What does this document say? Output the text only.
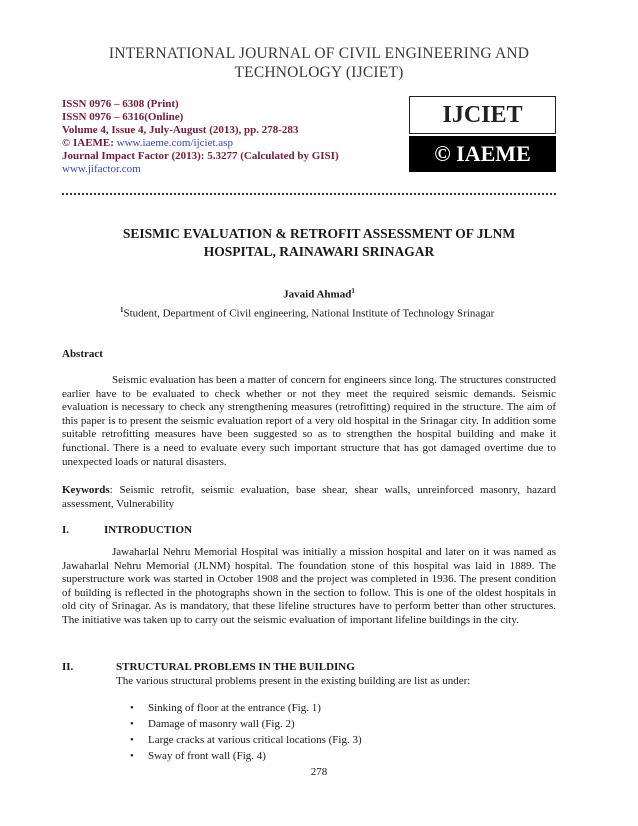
INTERNATIONAL JOURNAL OF CIVIL ENGINEERING AND
TECHNOLOGY (IJCIET)
ISSN 0976 – 6308 (Print)
ISSN 0976 – 6316(Online)
Volume 4, Issue 4, July-August (2013), pp. 278-283
© IAEME: www.iaeme.com/ijciet.asp
Journal Impact Factor (2013): 5.3277 (Calculated by GISI)
www.jifactor.com
IJCIET
© IAEME
SEISMIC EVALUATION & RETROFIT ASSESSMENT OF JLNM
HOSPITAL, RAINAWARI SRINAGAR
Javaid Ahmad$^1$
$^1$Student, Department of Civil engineering, National Institute of Technology Srinagar
Abstract

Seismic evaluation has been a matter of concern for engineers since long. The structures constructed earlier have to be evaluated to check whether or not they meet the required seismic demands. Seismic evaluation is necessary to check any strengthening measures (retrofitting) required in the structure. The aim of this paper is to present the seismic evaluation report of a very old hospital in the Srinagar city. In addition some suitable retrofitting measures have been suggested so as to strengthen the hospital building and make it functional. There is a need to evaluate every such important structure that has got damaged overtime due to unexpected loads or natural disasters.

Keywords: Seismic retrofit, seismic evaluation, base shear, shear walls, unreinforced masonry, hazard assessment, Vulnerability

I.	INTRODUCTION

Jawaharlal Nehru Memorial Hospital was initially a mission hospital and later on it was named as Jawaharlal Nehru Memorial (JLNM) hospital. The foundation stone of this hospital was laid in 1889. The superstructure work was started in October 1908 and the project was completed in 1936. The present condition of building is reflected in the photographs shown in the section to follow. This is one of the oldest hospitals in old city of Srinagar. As is mandatory, that these lifeline structures have to perform better than other structures. The initiative was taken up to carry out the seismic evaluation of important lifeline buildings in the city.

II.	STRUCTURAL PROBLEMS IN THE BUILDING
The various structural problems present in the existing building are list as under:
• Sinking of floor at the entrance (Fig. 1)
• Damage of masonry wall (Fig. 2)
• Large cracks at various critical locations (Fig. 3)
• Sway of front wall (Fig. 4)
278
